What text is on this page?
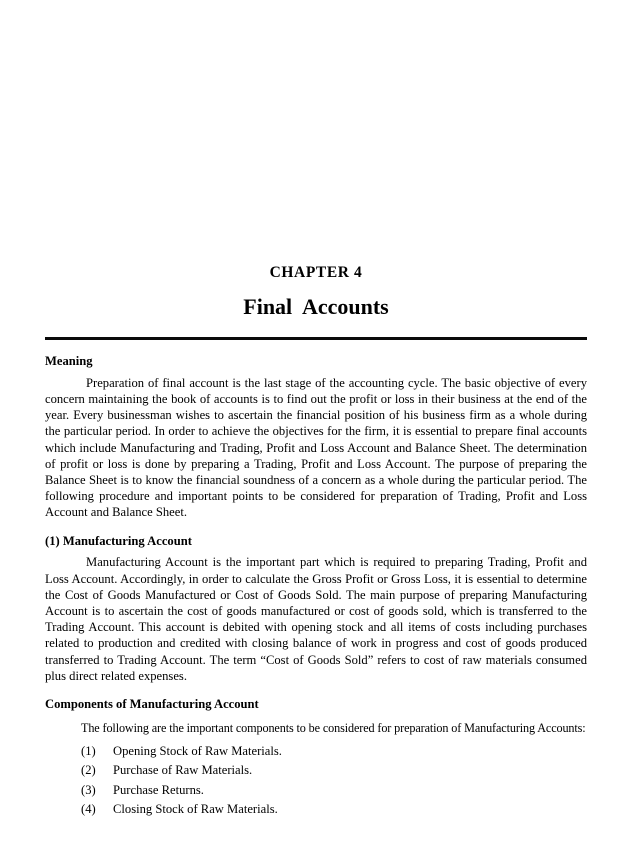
CHAPTER 4

Final  Accounts
Meaning

Preparation of final account is the last stage of the accounting cycle. The basic objective of every concern maintaining the book of accounts is to find out the profit or loss in their business at the end of the year. Every businessman wishes to ascertain the financial position of his business firm as a whole during the particular period. In order to achieve the objectives for the firm, it is essential to prepare final accounts which include Manufacturing and Trading, Profit and Loss Account and Balance Sheet. The determination of profit or loss is done by preparing a Trading, Profit and Loss Account. The purpose of preparing the Balance Sheet is to know the financial soundness of a concern as a whole during the particular period. The following procedure and important points to be considered for preparation of Trading, Profit and Loss Account and Balance Sheet.

(1) Manufacturing Account

Manufacturing Account is the important part which is required to preparing Trading, Profit and Loss Account. Accordingly, in order to calculate the Gross Profit or Gross Loss, it is essential to determine the Cost of Goods Manufactured or Cost of Goods Sold. The main purpose of preparing Manufacturing Account is to ascertain the cost of goods manufactured or cost of goods sold, which is transferred to the Trading Account. This account is debited with opening stock and all items of costs including purchases related to production and credited with closing balance of work in progress and cost of goods produced transferred to Trading Account. The term “Cost of Goods Sold” refers to cost of raw materials consumed plus direct related expenses.

Components of Manufacturing Account

The following are the important components to be considered for preparation of Manufacturing Accounts:

(1) Opening Stock of Raw Materials.
(2) Purchase of Raw Materials.
(3) Purchase Returns.
(4) Closing Stock of Raw Materials.
